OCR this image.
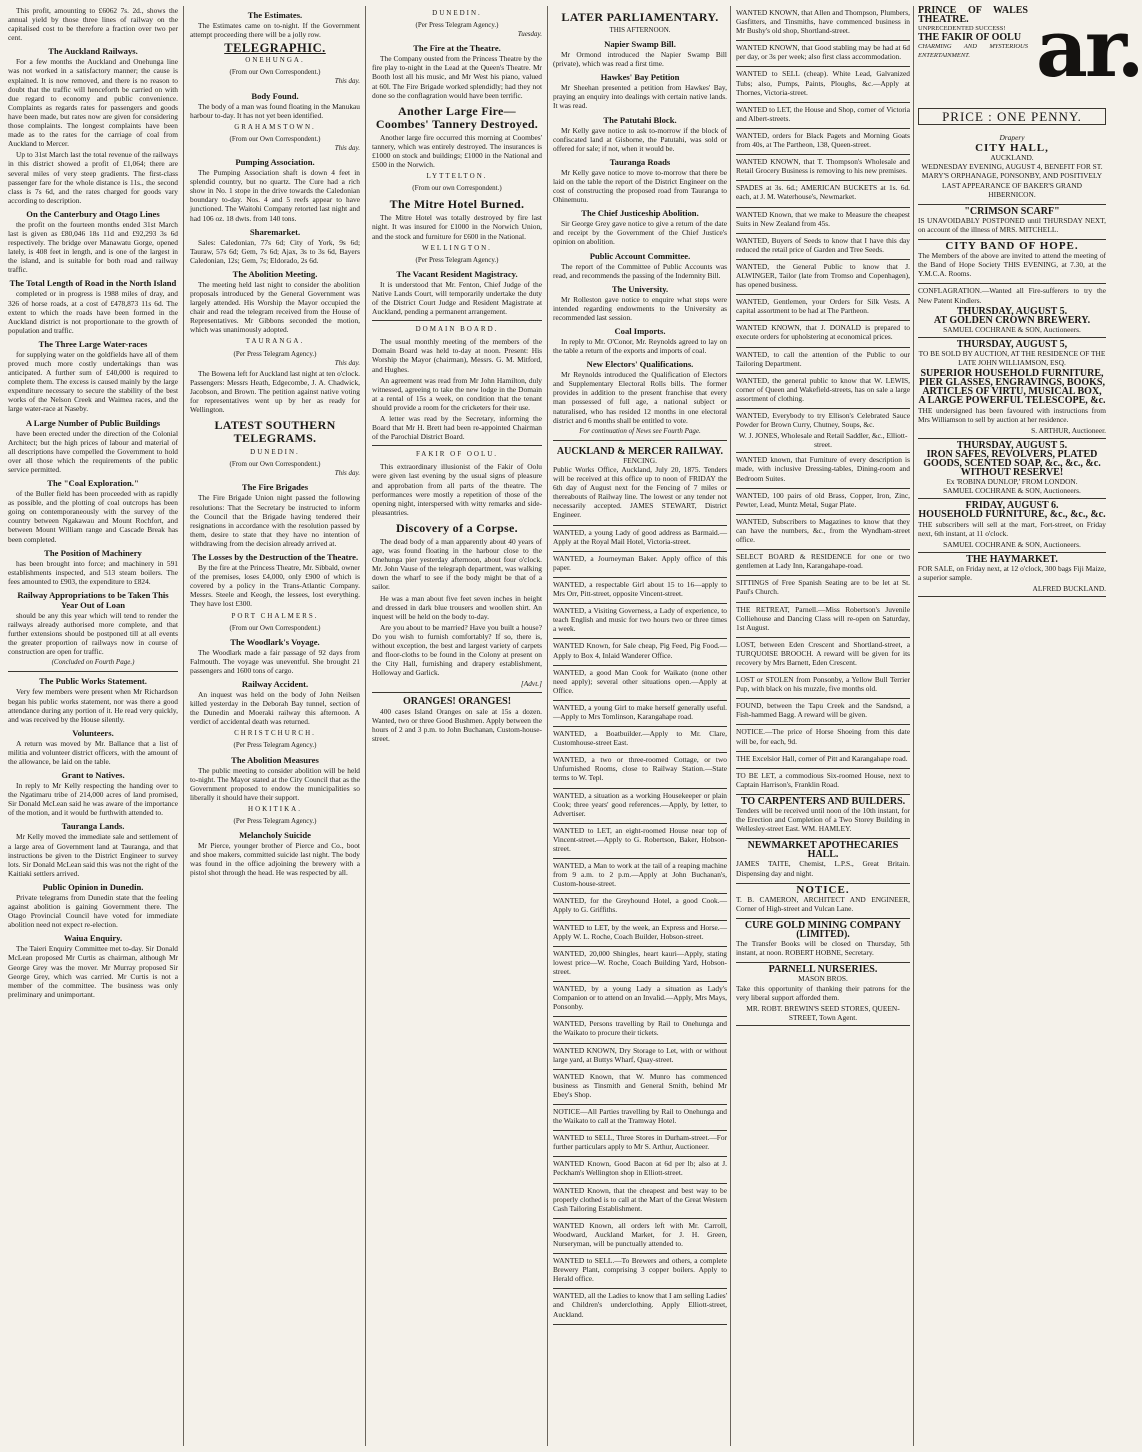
This profit, amounting to £6062 7s. 2d., shows the annual yield by those three lines of railway on the capitalised cost to be therefore a fraction over two per cent.

The Auckland Railways.

For a few months the Auckland and Onehunga line was not worked in a satisfactory manner; the cause is explained. It is now removed, and there is no reason to doubt that the traffic will henceforth be carried on with due regard to economy and public convenience. Complaints as regards rates for passengers and goods have been made, but rates now are given for considering those complaints. The longest complaints have been made as to the rates for the carriage of coal from Auckland to Mercer.

Up to 31st March last the total revenue of the railways in this district showed a profit of £1,064; there are several miles of very steep gradients. The first-class passenger fare for the whole distance is 11s., the second class is 7s 6d, and the rates charged for goods vary according to description.

On the Canterbury and Otago Lines

the profit on the fourteen months ended 31st March last is given as £80,046 18s 11d and £92,293 3s 6d respectively. The bridge over Manawatu Gorge, opened lately, is 408 feet in length, and is one of the largest in the island, and is suitable for both road and railway traffic.

The Total Length of Road in the North Island

completed or in progress is 1988 miles of dray, and 326 of horse roads, at a cost of £478,873 11s 6d. The extent to which the roads have been formed in the Auckland district is not proportionate to the growth of population and traffic.

The Three Large Water-races

for supplying water on the goldfields have all of them proved much more costly undertakings than was anticipated. A further sum of £40,000 is required to complete them. The excess is caused mainly by the large expenditure necessary to secure the stability of the best works of the Nelson Creek and Waimea races, and the large water-race at Naseby.

A Large Number of Public Buildings

have been erected under the direction of the Colonial Architect; but the high prices of labour and material of all descriptions have compelled the Government to hold over all those which the requirements of the public service permitted.

The "Coal Exploration."

of the Buller field has been proceeded with as rapidly as possible, and the plotting of coal outcrops has been going on contemporaneously with the survey of the country between Ngakawau and Mount Rochfort, and between Mount William range and Cascade Break has been completed.

The Position of Machinery

has been brought into force; and machinery in 591 establishments inspected, and 513 steam boilers. The fees amounted to £903, the expenditure to £824.

Railway Appropriations to be Taken This Year Out of Loan

should be any this year which will tend to render the railways already authorised more complete, and that further extensions should be postponed till at all events the greater proportion of railways now in course of construction are open for traffic.

(Concluded on Fourth Page.)
The Public Works Statement.

Very few members were present when Mr Richardson began his public works statement, nor was there a good attendance during any portion of it. He read very quickly, and was received by the House silently.

Volunteers.

A return was moved by Mr. Ballance that a list of militia and volunteer district officers, with the amount of the allowance, be laid on the table.

Grant to Natives.

In reply to Mr Kelly respecting the handing over to the Ngatimaru tribe of 214,000 acres of land promised, Sir Donald McLean said he was aware of the importance of the motion, and it would be furthwith attended to.

Tauranga Lands.

Mr Kelly moved the immediate sale and settlement of a large area of Government land at Tauranga, and that instructions be given to the District Engineer to survey lots. Sir Donald McLean said this was not the right of the Kaitiaki settlers arrived.

Public Opinion in Dunedin.

Private telegrams from Dunedin state that the feeling against abolition is gaining Government there. The Otago Provincial Council have voted for immediate abolition need not expect re-election.

Waiua Enquiry.

The Taieri Enquiry Committee met to-day. Sir Donald McLean proposed Mr Curtis as chairman, although Mr George Grey was the mover. Mr Murray proposed Sir George Grey, which was carried. Mr Curtis is not a member of the committee. The business was only preliminary and unimportant.

The Estimates.

The Estimates came on to-night. If the Government attempt proceeding there will be a jolly row.

TELEGRAPHIC.
ONEHUNGA.
(From our Own Correspondent.)
This day.
Body Found.

The body of a man was found floating in the Manukau harbour to-day. It has not yet been identified.

GRAHAMSTOWN.
(From our Own Correspondent.)
This day.
Pumping Association.

The Pumping Association shaft is down 4 feet in splendid country, but no quartz. The Cure had a rich show in No. 1 stope in the drive towards the Caledonian boundary to-day. Nos. 4 and 5 reefs appear to have junctioned. The Waitohi Company retorted last night and had 106 oz. 18 dwts. from 140 tons.

Sharemarket.

Sales: Caledonian, 77s 6d; City of York, 9s 6d; Tauraw, 57s 6d; Gem, 7s 6d; Ajax, 3s to 3s 6d, Bayers Caledonian, 12s; Gem, 7s; Eldorado, 2s 6d.

The Abolition Meeting.

The meeting held last night to consider the abolition proposals introduced by the General Government was largely attended. His Worship the Mayor occupied the chair and read the telegram received from the House of Representatives. Mr Gibbons seconded the motion, which was unanimously adopted.

TAURANGA.
(Per Press Telegram Agency.)
This day.

The Bowena left for Auckland last night at ten o'clock. Passengers: Messrs Heath, Edgecombe, J. A. Chadwick, Jacobson, and Brown. The petition against native voting for representatives went up by her as ready for Wellington.

LATEST SOUTHERN TELEGRAMS.
DUNEDIN.
(From our Own Correspondent.)
This day.
The Fire Brigades

The Fire Brigade Union night passed the following resolutions: That the Secretary be instructed to inform the Council that the Brigade having tendered their resignations in accordance with the resolution passed by them, desire to state that they have no intention of withdrawing from the decision already arrived at.

The Losses by the Destruction of the Theatre.

By the fire at the Princess Theatre, Mr. Sibbald, owner of the premises, loses £4,000, only £900 of which is covered by a policy in the Trans-Atlantic Company. Messrs. Steele and Keogh, the lessees, lost everything. They have lost £300.

PORT CHALMERS.
(From our Own Correspondent.)
The Woodlark's Voyage.

The Woodlark made a fair passage of 92 days from Falmouth. The voyage was uneventful. She brought 21 passengers and 1600 tons of cargo.

Railway Accident.

An inquest was held on the body of John Neilsen killed yesterday in the Deborah Bay tunnel, section of the Dunedin and Moeraki railway this afternoon. A verdict of accidental death was returned.

CHRISTCHURCH.
(Per Press Telegram Agency.)
The Abolition Measures

The public meeting to consider abolition will be held to-night. The Mayor stated at the City Council that as the Government proposed to endow the municipalities so liberally it should have their support.

HOKITIKA.
(Per Press Telegram Agency.)
Melancholy Suicide

Mr Pierce, younger brother of Pierce and Co., boot and shoe makers, committed suicide last night. The body was found in the office adjoining the brewery with a pistol shot through the head. He was respected by all.

DUNEDIN.
(Per Press Telegram Agency.)
Tuesday.
The Fire at the Theatre.

The Company ousted from the Princess Theatre by the fire play to-night in the Lead at the Queen's Theatre. Mr Booth lost all his music, and Mr West his piano, valued at 60l. The Fire Brigade worked splendidly; had they not done so the conflagration would have been terrific.

Another Large Fire—Coombes' Tannery Destroyed.

Another large fire occurred this morning at Coombes' tannery, which was entirely destroyed. The insurances is £1000 on stock and buildings; £1000 in the National and £500 in the Norwich.

LYTTELTON.
(From our own Correspondent.)
The Mitre Hotel Burned.

The Mitre Hotel was totally destroyed by fire last night. It was insured for £1000 in the Norwich Union, and the stock and furniture for £600 in the National.

WELLINGTON.
(Per Press Telegram Agency.)
The Vacant Resident Magistracy.

It is understood that Mr. Fenton, Chief Judge of the Native Lands Court, will temporarily undertake the duty of the District Court Judge and Resident Magistrate at Auckland, pending a permanent arrangement.

DOMAIN BOARD.

The usual monthly meeting of the members of the Domain Board was held to-day at noon. Present: His Worship the Mayor (chairman), Messrs. G. M. Mitford, and Hughes.

An agreement was read from Mr John Hamilton, duly witnessed, agreeing to take the new lodge in the Domain at a rental of 15s a week, on condition that the tenant should provide a room for the cricketers for their use.

A letter was read by the Secretary, informing the Board that Mr H. Brett had been re-appointed Chairman of the Parochial District Board.

FAKIR OF OOLU.

This extraordinary illusionist of the Fakir of Oolu were given last evening by the usual signs of pleasure and approbation from all parts of the theatre. The performances were mostly a repetition of those of the opening night, interspersed with witty remarks and side-pleasantries.

Discovery of a Corpse.

The dead body of a man apparently about 40 years of age, was found floating in the harbour close to the Onehunga pier yesterday afternoon, about four o'clock. Mr. John Vause of the telegraph department, was walking down the wharf to see if the body might be that of a sailor.

He was a man about five feet seven inches in height and dressed in dark blue trousers and woollen shirt. An inquest will be held on the body to-day.

Are you about to be married? Have you built a house? Do you wish to furnish comfortably? If so, there is, without exception, the best and largest variety of carpets and floor-cloths to be found in the Colony at present on the City Hall, furnishing and drapery establishment, Holloway and Garlick.

[Advt.]
ORANGES! ORANGES!

400 cases Island Oranges on sale at 15s a dozen. Wanted, two or three Good Bushmen. Apply between the hours of 2 and 3 p.m. to John Buchanan, Custom-house-street.

LATER PARLIAMENTARY.
THIS AFTERNOON.
Napier Swamp Bill.

Mr Ormond introduced the Napier Swamp Bill (private), which was read a first time.

Hawkes' Bay Petition

Mr Sheehan presented a petition from Hawkes' Bay, praying an enquiry into dealings with certain native lands. It was read.

The Patutahi Block.

Mr Kelly gave notice to ask to-morrow if the block of confiscated land at Gisborne, the Patutahi, was sold or offered for sale; if not, when it would be.

Tauranga Roads

Mr Kelly gave notice to move to-morrow that there be laid on the table the report of the District Engineer on the cost of constructing the proposed road from Tauranga to Ohinemutu.

The Chief Justiceship Abolition.

Sir George Grey gave notice to give a return of the date and receipt by the Government of the Chief Justice's opinion on abolition.

Public Account Committee.

The report of the Committee of Public Accounts was read, and recommends the passing of the Indemnity Bill.

The University.

Mr Rolleston gave notice to enquire what steps were intended regarding endowments to the University as recommended last session.

Coal Imports.

In reply to Mr. O'Conor, Mr. Reynolds agreed to lay on the table a return of the exports and imports of coal.

New Electors' Qualifications.

Mr Reynolds introduced the Qualification of Electors and Supplementary Electoral Rolls bills. The former provides in addition to the present franchise that every man possessed of full age, a national subject or naturalised, who has resided 12 months in one electoral district and 6 months shall be entitled to vote.

For continuation of News see Fourth Page.
AUCKLAND & MERCER RAILWAY.
FENCING.

Public Works Office, Auckland, July 20, 1875. Tenders will be received at this office up to noon of FRIDAY the 6th day of August next for the Fencing of 7 miles or thereabouts of Railway line. The lowest or any tender not necessarily accepted. JAMES STEWART, District Engineer.

WANTED, a young Lady of good address as Barmaid.—Apply at the Royal Mail Hotel, Victoria-street.

WANTED, a Journeyman Baker. Apply office of this paper.

WANTED, a respectable Girl about 15 to 16—apply to Mrs Orr, Pitt-street, opposite Vincent-street.

WANTED, a Visiting Governess, a Lady of experience, to teach English and music for two hours two or three times a week.

WANTED Known, for Sale cheap, Pig Feed, Pig Food.—Apply to Box 4, Inlaid Wanderer Office.

WANTED, a good Man Cook for Waikato (none other need apply); several other situations open.—Apply at Office.

WANTED, a young Girl to make herself generally useful.—Apply to Mrs Tomlinson, Karangahape road.

WANTED, a Boatbuilder.—Apply to Mr. Clare, Customhouse-street East.

WANTED, a two or three-roomed Cottage, or two Unfurnished Rooms, close to Railway Station.—State terms to W. Tepl.

WANTED, a situation as a working Housekeeper or plain Cook; three years' good references.—Apply, by letter, to Advertiser.

WANTED to LET, an eight-roomed House near top of Vincent-street.—Apply to G. Robertson, Baker, Hobson-street.

WANTED, a Man to work at the tail of a reaping machine from 9 a.m. to 2 p.m.—Apply at John Buchanan's, Custom-house-street.

WANTED, for the Greyhound Hotel, a good Cook.—Apply to G. Griffiths.

WANTED to LET, by the week, an Express and Horse.—Apply W. L. Roche, Coach Builder, Hobson-street.

WANTED, 20,000 Shingles, heart kauri—Apply, stating lowest price—W. Roche, Coach Building Yard, Hobson-street.

WANTED, by a young Lady a situation as Lady's Companion or to attend on an Invalid.—Apply, Mrs Mays, Ponsonby.

WANTED, Persons travelling by Rail to Onehunga and the Waikato to procure their tickets.

WANTED KNOWN, Dry Storage to Let, with or without large yard, at Buttys Wharf, Quay-street.

WANTED Known, that W. Munro has commenced business as Tinsmith and General Smith, behind Mr Ebey's Shop.

NOTICE—All Parties travelling by Rail to Onehunga and the Waikato to call at the Tramway Hotel.

WANTED to SELL, Three Stores in Durham-street.—For further particulars apply to Mr S. Arthur, Auctioneer.

WANTED Known, Good Bacon at 6d per lb; also at J. Peckham's Wellington shop in Elliott-street.

WANTED Known, that the cheapest and best way to be properly clothed is to call at the Mart of the Great Western Cash Tailoring Establishment.

WANTED Known, all orders left with Mr. Carroll, Woodward, Auckland Market, for J. H. Green, Nurseryman, will be punctually attended to.

WANTED to SELL.—To Brewers and others, a complete Brewery Plant, comprising 3 copper boilers. Apply to Herald office.

WANTED, all the Ladies to know that I am selling Ladies' and Children's underclothing. Apply Elliott-street, Auckland.

WANTED KNOWN, that Allen and Thompson, Plumbers, Gasfitters, and Tinsmiths, have commenced business in Mr Bushy's old shop, Shortland-street.

WANTED KNOWN, that Good stabling may be had at 6d per day, or 3s per week; also first class accommodation.

WANTED to SELL (cheap). White Lead, Galvanized Tubs; also, Pumps, Paints, Ploughs, &c.—Apply at Thornes, Victoria-street.

WANTED to LET, the House and Shop, corner of Victoria and Albert-streets.

WANTED, orders for Black Pagets and Morning Goats from 40s, at The Partheon, 138, Queen-street.

WANTED KNOWN, that T. Thompson's Wholesale and Retail Grocery Business is removing to his new premises.

SPADES at 3s. 6d.; AMERICAN BUCKETS at 1s. 6d. each, at J. M. Waterhouse's, Newmarket.

WANTED Known, that we make to Measure the cheapest Suits in New Zealand from 45s.

WANTED, Buyers of Seeds to know that I have this day reduced the retail price of Garden and Tree Seeds.

WANTED, the General Public to know that J. ALWINGER, Tailor (late from Tromso and Copenhagen), has opened business.

WANTED, Gentlemen, your Orders for Silk Vests. A capital assortment to be had at The Partheon.

WANTED KNOWN, that J. DONALD is prepared to execute orders for upholstering at economical prices.

WANTED, to call the attention of the Public to our Tailoring Department.

WANTED, the general public to know that W. LEWIS, corner of Queen and Wakefield-streets, has on sale a large assortment of clothing.

WANTED, Everybody to try Ellison's Celebrated Sauce Powder for Brown Curry, Chutney, Soups, &c.

W. J. JONES, Wholesale and Retail Saddler, &c., Elliott-street.

WANTED known, that Furniture of every description is made, with inclusive Dressing-tables, Dining-room and Bedroom Suites.

WANTED, 100 pairs of old Brass, Copper, Iron, Zinc, Pewter, Lead, Muntz Metal, Sugar Plate.

WANTED, Subscribers to Magazines to know that they can have the numbers, &c., from the Wyndham-street office.

SELECT BOARD & RESIDENCE for one or two gentlemen at Lady Inn, Karangahape-road.

SITTINGS of Free Spanish Seating are to be let at St. Paul's Church.

THE RETREAT, Parnell.—Miss Robertson's Juvenile Colliehouse and Dancing Class will re-open on Saturday, 1st August.

LOST, between Eden Crescent and Shortland-street, a TURQUOISE BROOCH. A reward will be given for its recovery by Mrs Barnett, Eden Crescent.

LOST or STOLEN from Ponsonby, a Yellow Bull Terrier Pup, with black on his muzzle, five months old.

FOUND, between the Tapu Creek and the Sandsnd, a Fish-hammed Bagg. A reward will be given.

NOTICE.—The price of Horse Shoeing from this date will be, for each, 9d.

THE Excelsior Hall, corner of Pitt and Karangahape road.

TO BE LET, a commodious Six-roomed House, next to Captain Harrison's, Franklin Road.

TO CARPENTERS AND BUILDERS.

Tenders will be received until noon of the 10th instant, for the Erection and Completion of a Two Storey Building in Wellesley-street East. WM. HAMLEY.

NEWMARKET APOTHECARIES HALL.

JAMES TAITE, Chemist, L.P.S., Great Britain. Dispensing day and night.

NOTICE.

T. B. CAMERON, ARCHITECT AND ENGINEER, Corner of High-street and Vulcan Lane.

CURE GOLD MINING COMPANY (LIMITED).

The Transfer Books will be closed on Thursday, 5th instant, at noon. ROBERT HOBNE, Secretary.

PARNELL NURSERIES.
MASON BROS.

Take this opportunity of thanking their patrons for the very liberal support afforded them.

MR. ROBT. BREWIN'S SEED STORES, QUEEN-STREET, Town Agent.
PRINCE OF WALES THEATRE.
UNPRECEDENTED SUCCESS!
THE FAKIR OF OOLU
CHARMING AND MYSTERIOUS ENTERTAINMENT. ar.
PRICE : ONE PENNY.
Drapery
CITY HALL,
AUCKLAND.

WEDNESDAY EVENING, AUGUST 4, BENEFIT FOR ST. MARY'S ORPHANAGE, PONSONBY, AND POSITIVELY LAST APPEARANCE OF BAKER'S GRAND HIBERNICON.

"CRIMSON SCARF"

IS UNAVOIDABLY POSTPONED until THURSDAY NEXT, on account of the illness of MRS. MITCHELL.

CITY BAND OF HOPE.

The Members of the above are invited to attend the meeting of the Band of Hope Society THIS EVENING, at 7.30, at the Y.M.C.A. Rooms.

CONFLAGRATION.—Wanted all Fire-sufferers to try the New Patent Kindlers.

THURSDAY, AUGUST 5.
AT GOLDEN CROWN BREWERY.
SAMUEL COCHRANE & SON, Auctioneers.
THURSDAY, AUGUST 5,

TO BE SOLD BY AUCTION, AT THE RESIDENCE OF THE LATE JOHN WILLIAMSON, ESQ.

SUPERIOR HOUSEHOLD FURNITURE, PIER GLASSES, ENGRAVINGS, BOOKS, ARTICLES OF VIRTU, MUSICAL BOX, A LARGE POWERFUL TELESCOPE, &c.

THE undersigned has been favoured with instructions from Mrs Williamson to sell by auction at her residence.

S. ARTHUR, Auctioneer.
THURSDAY, AUGUST 5.
IRON SAFES, REVOLVERS, PLATED GOODS, SCENTED SOAP, &c., &c., &c.
WITHOUT RESERVE!
Ex 'ROBINA DUNLOP,' FROM LONDON.
SAMUEL COCHRANE & SON, Auctioneers.
FRIDAY, AUGUST 6.
HOUSEHOLD FURNITURE, &c., &c., &c.

THE subscribers will sell at the mart, Fort-street, on Friday next, 6th instant, at 11 o'clock.

SAMUEL COCHRANE & SON, Auctioneers.
THE HAYMARKET.

FOR SALE, on Friday next, at 12 o'clock, 300 bags Fiji Maize, a superior sample.

ALFRED BUCKLAND.
